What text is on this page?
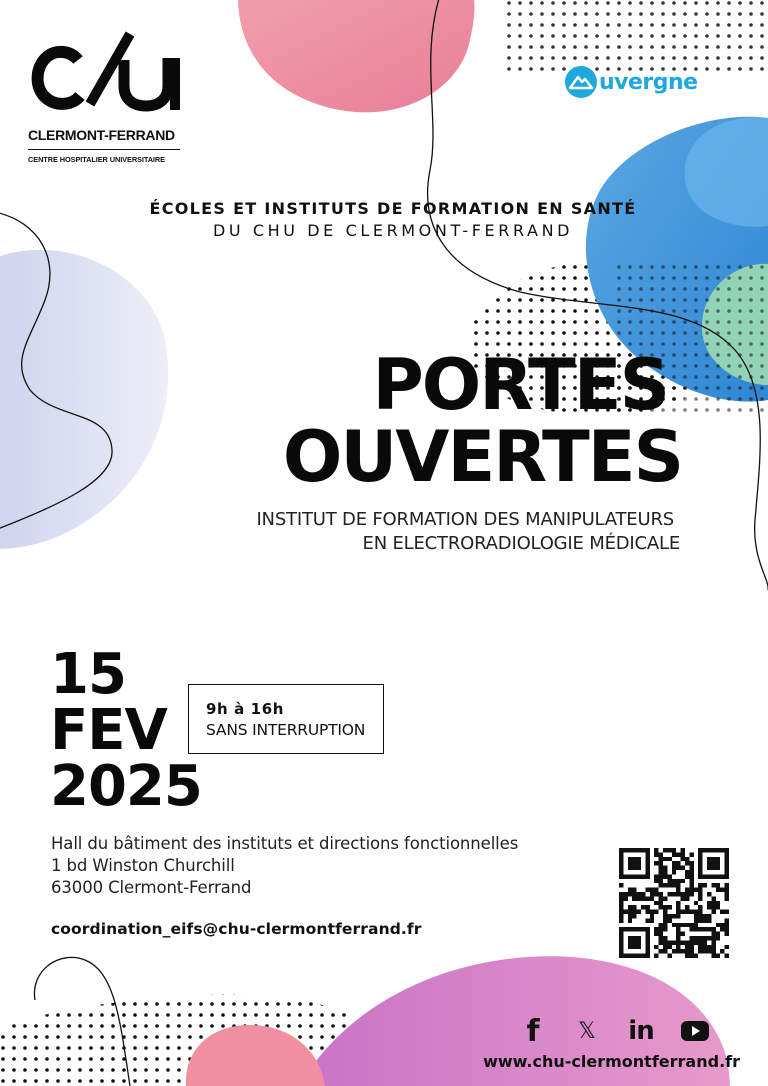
CLERMONT-FERRAND
CENTRE HOSPITALIER UNIVERSITAIRE
uvergne
ÉCOLES ET INSTITUTS DE FORMATION EN SANTÉ
DU CHU DE CLERMONT-FERRAND
PORTES
OUVERTES
INSTITUT DE FORMATION DES MANIPULATEURS
EN ELECTRORADIOLOGIE MÉDICALE
15
FEV
2025
9h à 16h
SANS INTERRUPTION
Hall du bâtiment des instituts et directions fonctionnelles
1 bd Winston Churchill
63000 Clermont-Ferrand
coordination_eifs@chu-clermontferrand.fr
f	𝕏	in
www.chu-clermontferrand.fr
